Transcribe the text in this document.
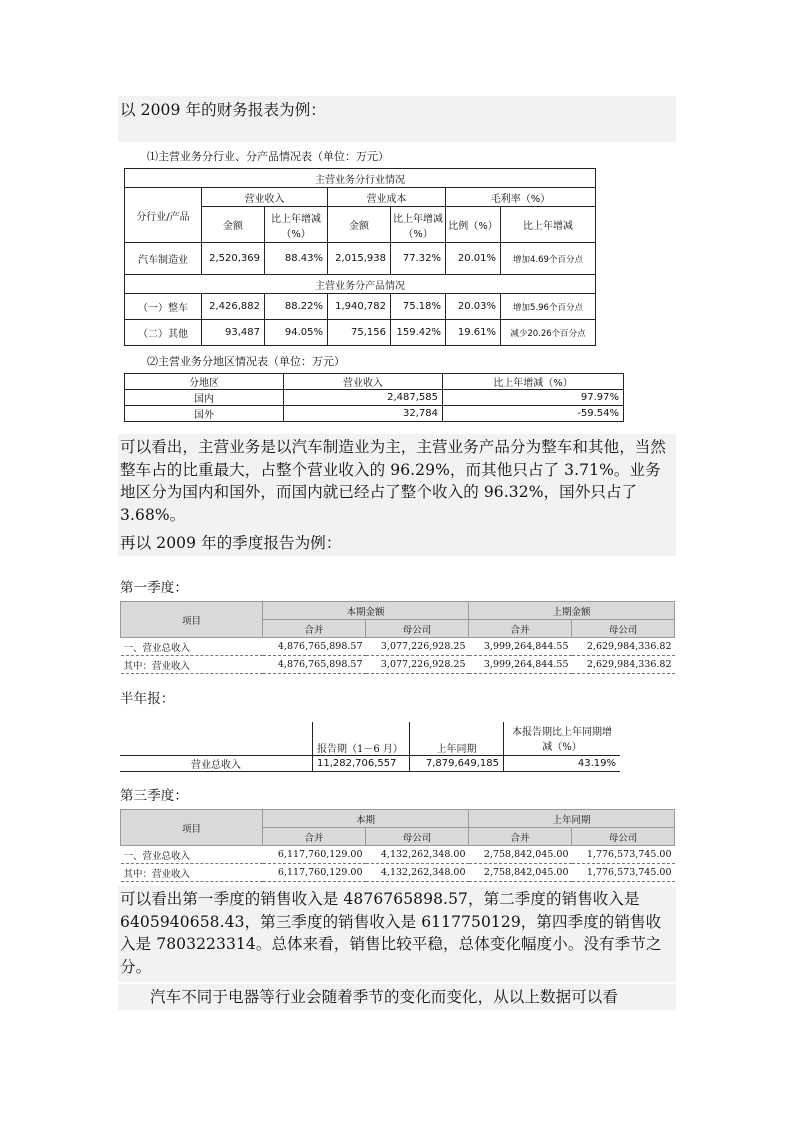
以 2009 年的财务报表为例：
⑴主营业务分行业、分产品情况表（单位：万元）
主营业务分行业情况						
分行业/产品	营业收入		营业成本		毛利率（%）	
	金额	比上年增减（%）	金额	比上年增减（%）	比例（%）	比上年增减
汽车制造业	2,520,369	88.43%	2,015,938	77.32%	20.01%	增加4.69个百分点
主营业务分产品情况						
（一）整车	2,426,882	88.22%	1,940,782	75.18%	20.03%	增加5.96个百分点
（二）其他	93,487	94.05%	75,156	159.42%	19.61%	减少20.26个百分点
⑵主营业务分地区情况表（单位：万元）
分地区	营业收入	比上年增减（%）
国内	2,487,585	97.97%
国外	32,784	-59.54%
可以看出，主营业务是以汽车制造业为主，主营业务产品分为整车和其他，当然整车占的比重最大，占整个营业收入的 96.29%，而其他只占了 3.71%。业务地区分为国内和国外，而国内就已经占了整个收入的 96.32%，国外只占了 3.68%。
再以 2009 年的季度报告为例：
第一季度：
项目	本期金额		上期金额	
	合并	母公司	合并	母公司
一、营业总收入	4,876,765,898.57	3,077,226,928.25	3,999,264,844.55	2,629,984,336.82
其中：营业收入	4,876,765,898.57	3,077,226,928.25	3,999,264,844.55	2,629,984,336.82
半年报：
	报告期（1－6 月）	上年同期	本报告期比上年同期增减（%）
营业总收入	11,282,706,557	7,879,649,185	43.19%
第三季度：
项目	本期		上年同期	
	合并	母公司	合并	母公司
一、营业总收入	6,117,760,129.00	4,132,262,348.00	2,758,842,045.00	1,776,573,745.00
其中：营业收入	6,117,760,129.00	4,132,262,348.00	2,758,842,045.00	1,776,573,745.00
可以看出第一季度的销售收入是 4876765898.57，第二季度的销售收入是 6405940658.43，第三季度的销售收入是 6117750129，第四季度的销售收入是 7803223314。总体来看，销售比较平稳，总体变化幅度小。没有季节之分。
汽车不同于电器等行业会随着季节的变化而变化，从以上数据可以看
